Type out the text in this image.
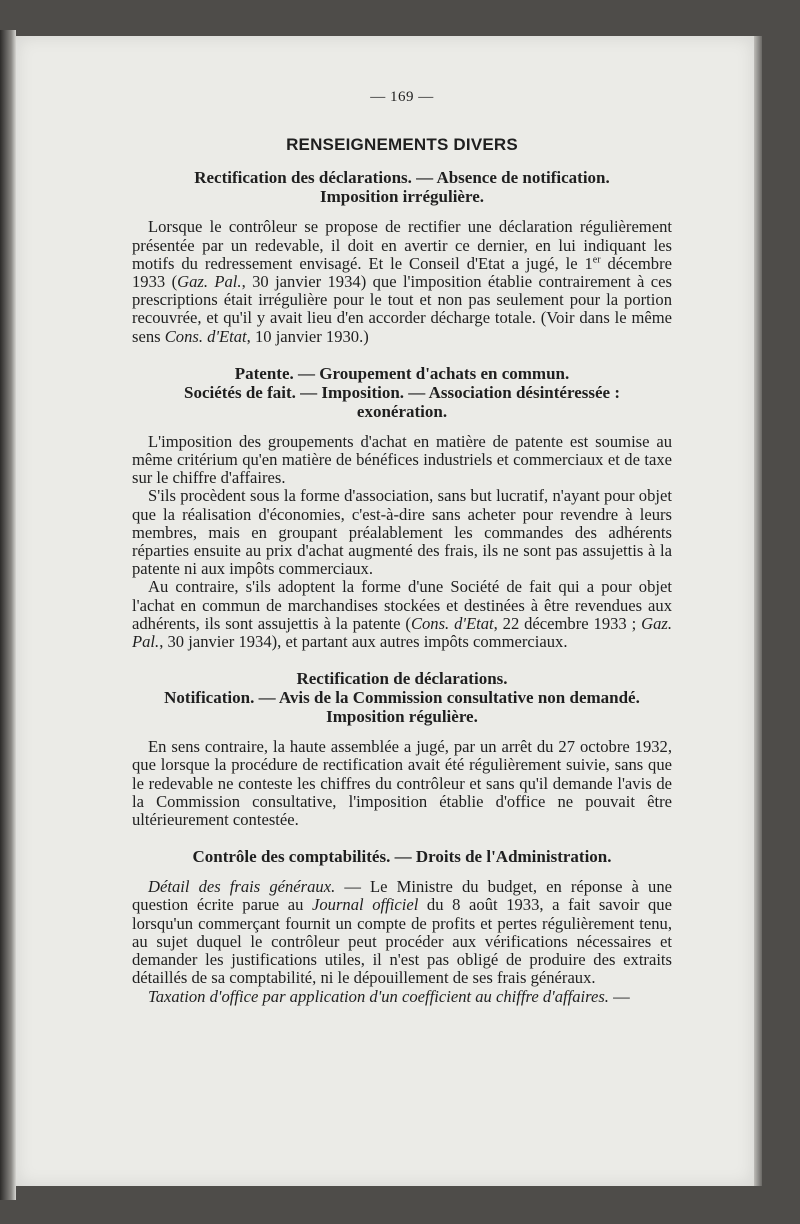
— 169 —
RENSEIGNEMENTS DIVERS
Rectification des déclarations. — Absence de notification.
Imposition irrégulière.

Lorsque le contrôleur se propose de rectifier une déclaration régulièrement présentée par un redevable, il doit en avertir ce dernier, en lui indiquant les motifs du redressement envisagé. Et le Conseil d'Etat a jugé, le 1er décembre 1933 (Gaz. Pal., 30 janvier 1934) que l'imposition établie contrairement à ces prescriptions était irrégulière pour le tout et non pas seulement pour la portion recouvrée, et qu'il y avait lieu d'en accorder décharge totale. (Voir dans le même sens Cons. d'Etat, 10 janvier 1930.)

Patente. — Groupement d'achats en commun.
Sociétés de fait. — Imposition. — Association désintéressée :
exonération.

L'imposition des groupements d'achat en matière de patente est soumise au même critérium qu'en matière de bénéfices industriels et commerciaux et de taxe sur le chiffre d'affaires.

S'ils procèdent sous la forme d'association, sans but lucratif, n'ayant pour objet que la réalisation d'économies, c'est-à-dire sans acheter pour revendre à leurs membres, mais en groupant préalablement les commandes des adhérents réparties ensuite au prix d'achat augmenté des frais, ils ne sont pas assujettis à la patente ni aux impôts commerciaux.

Au contraire, s'ils adoptent la forme d'une Société de fait qui a pour objet l'achat en commun de marchandises stockées et destinées à être revendues aux adhérents, ils sont assujettis à la patente (Cons. d'Etat, 22 décembre 1933 ; Gaz. Pal., 30 janvier 1934), et partant aux autres impôts commerciaux.

Rectification de déclarations.
Notification. — Avis de la Commission consultative non demandé.
Imposition régulière.

En sens contraire, la haute assemblée a jugé, par un arrêt du 27 octobre 1932, que lorsque la procédure de rectification avait été régulièrement suivie, sans que le redevable ne conteste les chiffres du contrôleur et sans qu'il demande l'avis de la Commission consultative, l'imposition établie d'office ne pouvait être ultérieurement contestée.

Contrôle des comptabilités. — Droits de l'Administration.

Détail des frais généraux. — Le Ministre du budget, en réponse à une question écrite parue au Journal officiel du 8 août 1933, a fait savoir que lorsqu'un commerçant fournit un compte de profits et pertes régulièrement tenu, au sujet duquel le contrôleur peut procéder aux vérifications nécessaires et demander les justifications utiles, il n'est pas obligé de produire des extraits détaillés de sa comptabilité, ni le dépouillement de ses frais généraux.

Taxation d'office par application d'un coefficient au chiffre d'affaires. —
